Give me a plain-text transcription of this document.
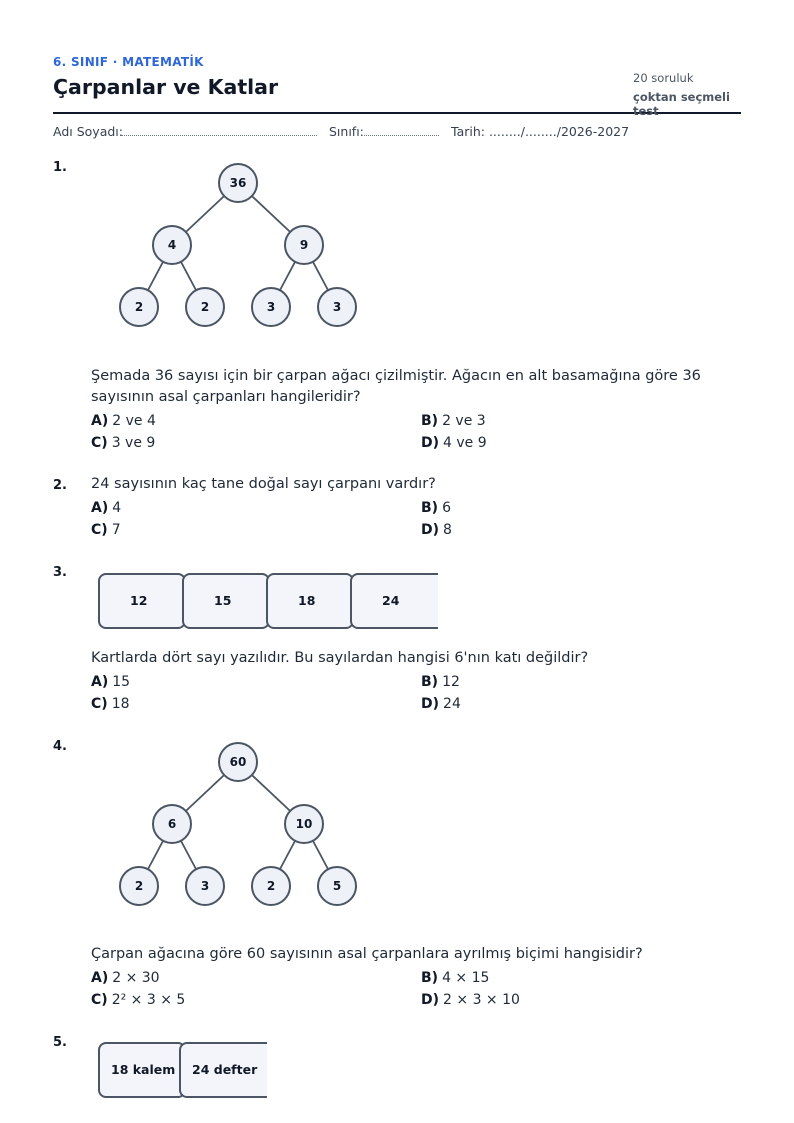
6. SINIF · MATEMATİK
Çarpanlar ve Katlar	20 soruluk
çoktan seçmeli test
Adı Soyadı:	Sınıfı:	Tarih: ......../......../2026-2027
1.
36
4	9
2	2	3	3
Şemada 36 sayısı için bir çarpan ağacı çizilmiştir. Ağacın en alt basamağına göre 36 sayısının asal çarpanları hangileridir?
A) 2 ve 4	B) 2 ve 3
C) 3 ve 9	D) 4 ve 9
2. 24 sayısının kaç tane doğal sayı çarpanı vardır?
A) 4	B) 6
C) 7	D) 8
3.
12	15	18	24
Kartlarda dört sayı yazılıdır. Bu sayılardan hangisi 6'nın katı değildir?
A) 15	B) 12
C) 18	D) 24
4.
60
6	10
2	3	2	5
Çarpan ağacına göre 60 sayısının asal çarpanlara ayrılmış biçimi hangisidir?
A) 2 × 30	B) 4 × 15
C) 2² × 3 × 5	D) 2 × 3 × 10
5.
18 kalem	24 defter
